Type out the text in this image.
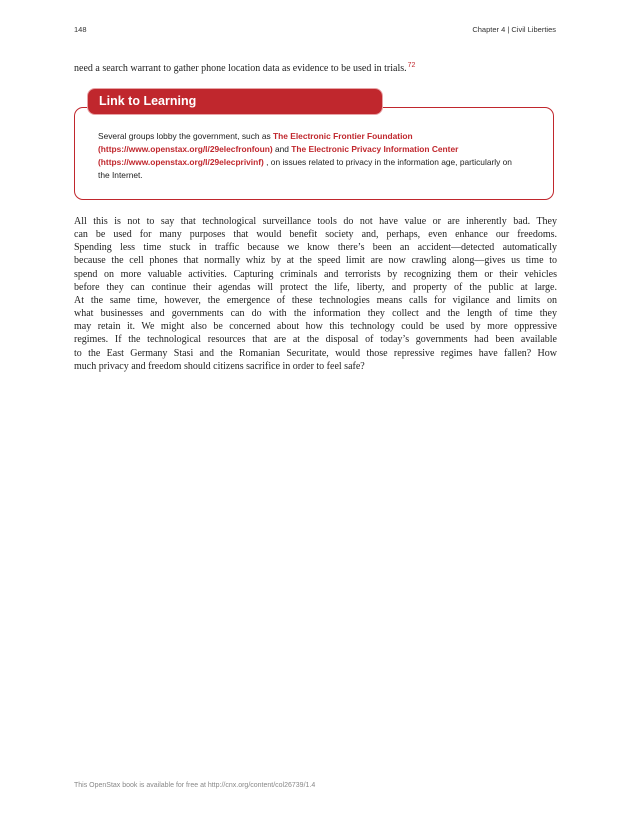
148	Chapter 4 | Civil Liberties
need a search warrant to gather phone location data as evidence to be used in trials.$^{72}$
Link to Learning
Several groups lobby the government, such as The Electronic Frontier Foundation
(https://www.openstax.org/l/29elecfronfoun) and The Electronic Privacy Information Center
(https://www.openstax.org/l/29elecprivinf) , on issues related to privacy in the information age, particularly on the Internet.
All this is not to say that technological surveillance tools do not have value or are inherently bad. They
can be used for many purposes that would benefit society and, perhaps, even enhance our freedoms.
Spending less time stuck in traffic because we know there’s been an accident—detected automatically
because the cell phones that normally whiz by at the speed limit are now crawling along—gives us time to
spend on more valuable activities. Capturing criminals and terrorists by recognizing them or their vehicles
before they can continue their agendas will protect the life, liberty, and property of the public at large.
At the same time, however, the emergence of these technologies means calls for vigilance and limits on
what businesses and governments can do with the information they collect and the length of time they
may retain it. We might also be concerned about how this technology could be used by more oppressive
regimes. If the technological resources that are at the disposal of today’s governments had been available
to the East Germany Stasi and the Romanian Securitate, would those repressive regimes have fallen? How
much privacy and freedom should citizens sacrifice in order to feel safe?
This OpenStax book is available for free at http://cnx.org/content/col26739/1.4
